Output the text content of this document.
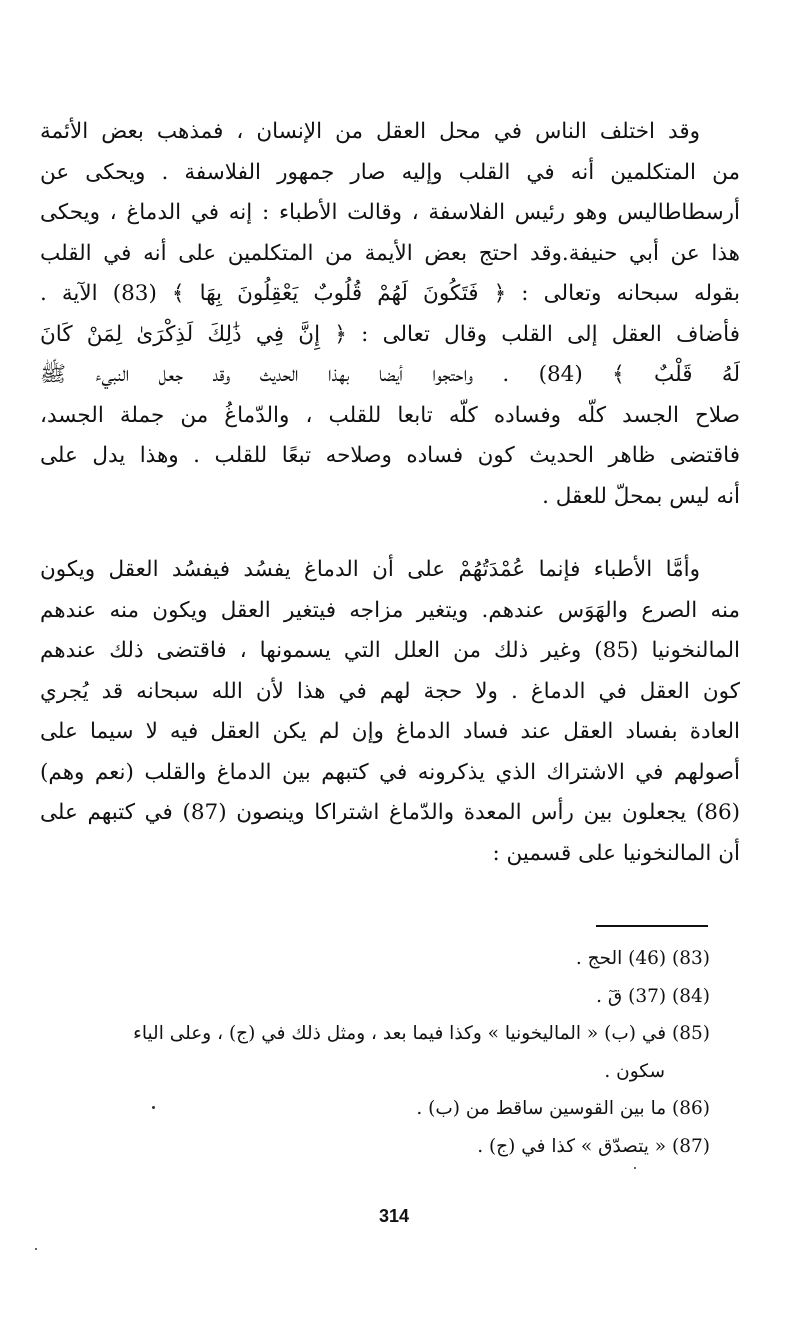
وقد اختلف الناس في محل العقل من الإنسان ، فمذهب بعض الأئمة
من المتكلمين أنه في القلب وإليه صار جمهور الفلاسفة . ويحكى عن
أرسطاطاليس وهو رئيس الفلاسفة ، وقالت الأطباء : إنه في الدماغ ، ويحكى
هذا عن أبي حنيفة.وقد احتج بعض الأيمة من المتكلمين على أنه في القلب
بقوله سبحانه وتعالى : ﴿ فَتَكُونَ لَهُمْ قُلُوبٌ يَعْقِلُونَ بِهَا ﴾ (83) الآية .
فأضاف العقل إلى القلب وقال تعالى : ﴿ إِنَّ فِي ذَٰلِكَ لَذِكْرَىٰ لِمَنْ كَانَ
لَهُ قَلْبٌ ﴾ (84) . واحتجوا أيضا بهذا الحديث وقد جعل النبيء ﷺ
صلاح الجسد كلّه وفساده كلّه تابعا للقلب ، والدّماغُ من جملة الجسد،
فاقتضى ظاهر الحديث كون فساده وصلاحه تبعًا للقلب . وهذا يدل على
أنه ليس بمحلّ للعقل .
وأمَّا الأطباء فإنما عُمْدَتُهُمْ على أن الدماغ يفسُد فيفسُد العقل ويكون
منه الصرع والهَوَس عندهم. ويتغير مزاجه فيتغير العقل ويكون منه عندهم
المالنخونيا (85) وغير ذلك من العلل التي يسمونها ، فاقتضى ذلك عندهم
كون العقل في الدماغ . ولا حجة لهم في هذا لأن الله سبحانه قد يُجري
العادة بفساد العقل عند فساد الدماغ وإن لم يكن العقل فيه لا سيما على
أصولهم في الاشتراك الذي يذكرونه في كتبهم بين الدماغ والقلب (نعم وهم)
(86) يجعلون بين رأس المعدة والدّماغ اشتراكا وينصون (87) في كتبهم على
أن المالنخونيا على قسمين :
(83) (46) الحج .
(84) (37) قٓ .
(85) في (ب) « المالیخونیا » وكذا فيما بعد ، ومثل ذلك في (ج) ، وعلى الياء
سكون .
(86) ما بين القوسين ساقط من (ب) .
(87) « يتصدّق » كذا في (ج) .
314
